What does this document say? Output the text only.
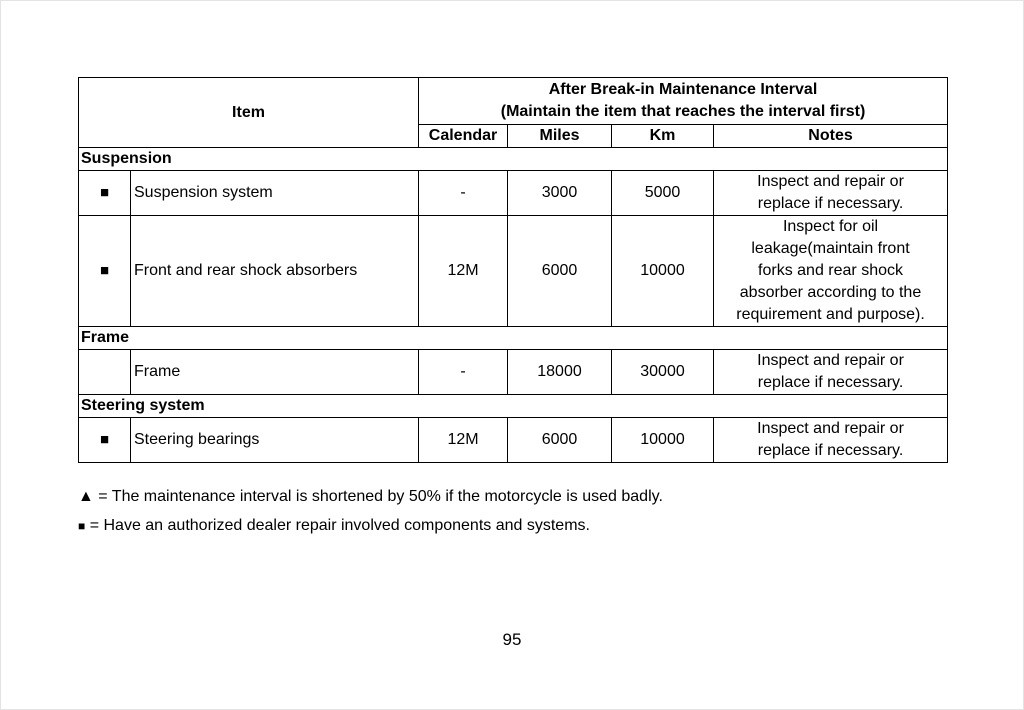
Item		After Break-in Maintenance Interval
(Maintain the item that reaches the interval first)			

		Calendar	Miles	Km	Notes
Suspension					
■	Suspension system	-	3000	5000	Inspect and repair or
replace if necessary.

■	Front and rear shock absorbers	12M	6000	10000	Inspect for oil
leakage(maintain front
forks and rear shock
absorber according to the
requirement and purpose).

Frame					
	Frame	-	18000	30000	Inspect and repair or
replace if necessary.

Steering system					
■	Steering bearings	12M	6000	10000	Inspect and repair or
replace if necessary.

▲ = The maintenance interval is shortened by 50% if the motorcycle is used badly.

■ = Have an authorized dealer repair involved components and systems.

95
